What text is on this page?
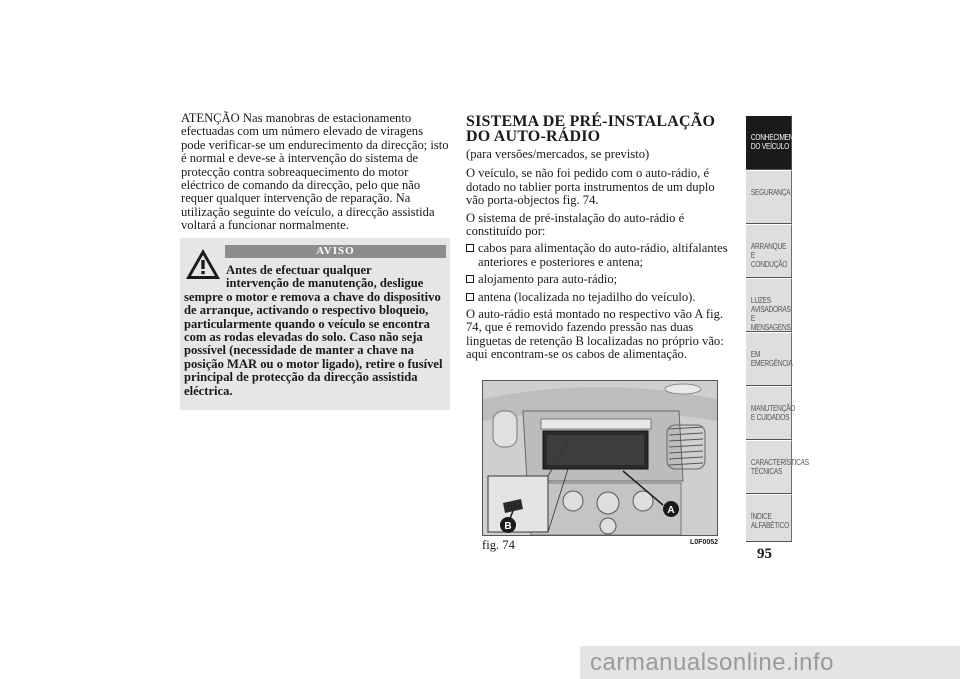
ATENÇÃO Nas manobras de estacionamento efectuadas com um número elevado de viragens pode verificar-se um endurecimento da direcção; isto é normal e deve-se à intervenção do sistema de protecção contra sobreaquecimento do motor eléctrico de comando da direcção, pelo que não requer qualquer intervenção de reparação. Na utilização seguinte do veículo, a direcção assistida voltará a funcionar normalmente.

AVISO
Antes de efectuar qualquer
intervenção de manutenção, desligue
sempre o motor e remova a chave do dispositivo de arranque, activando o respectivo bloqueio, particularmente quando o veículo se encontra com as rodas elevadas do solo. Caso não seja possível (necessidade de manter a chave na posição MAR ou o motor ligado), retire o fusível principal de protecção da direcção assistida eléctrica.

SISTEMA DE PRÉ-INSTALAÇÃO DO AUTO-RÁDIO

(para versões/mercados, se previsto)

O veículo, se não foi pedido com o auto-rádio, é dotado no tablier porta instrumentos de um duplo vão porta-objectos fig. 74.

O sistema de pré-instalação do auto-rádio é constituído por:

cabos para alimentação do auto-rádio, altifalantes anteriores e posteriores e antena;
alojamento para auto-rádio;
antena (localizada no tejadilho do veículo).

O auto-rádio está montado no respectivo vão A fig. 74, que é removido fazendo pressão nas duas linguetas de retenção B localizadas no próprio vão: aqui encontram-se os cabos de alimentação.

A
B
fig. 74	L0F0052
CONHECIMENTO DO VEÍCULO
SEGURANÇA
ARRANQUE E CONDUÇÃO
LUZES AVISADORAS E MENSAGENS
EM EMERGÊNCIA
MANUTENÇÃO E CUIDADOS
CARACTERÍSTICAS TÉCNICAS
ÍNDICE ALFABÉTICO
95
carmanualsonline.info
